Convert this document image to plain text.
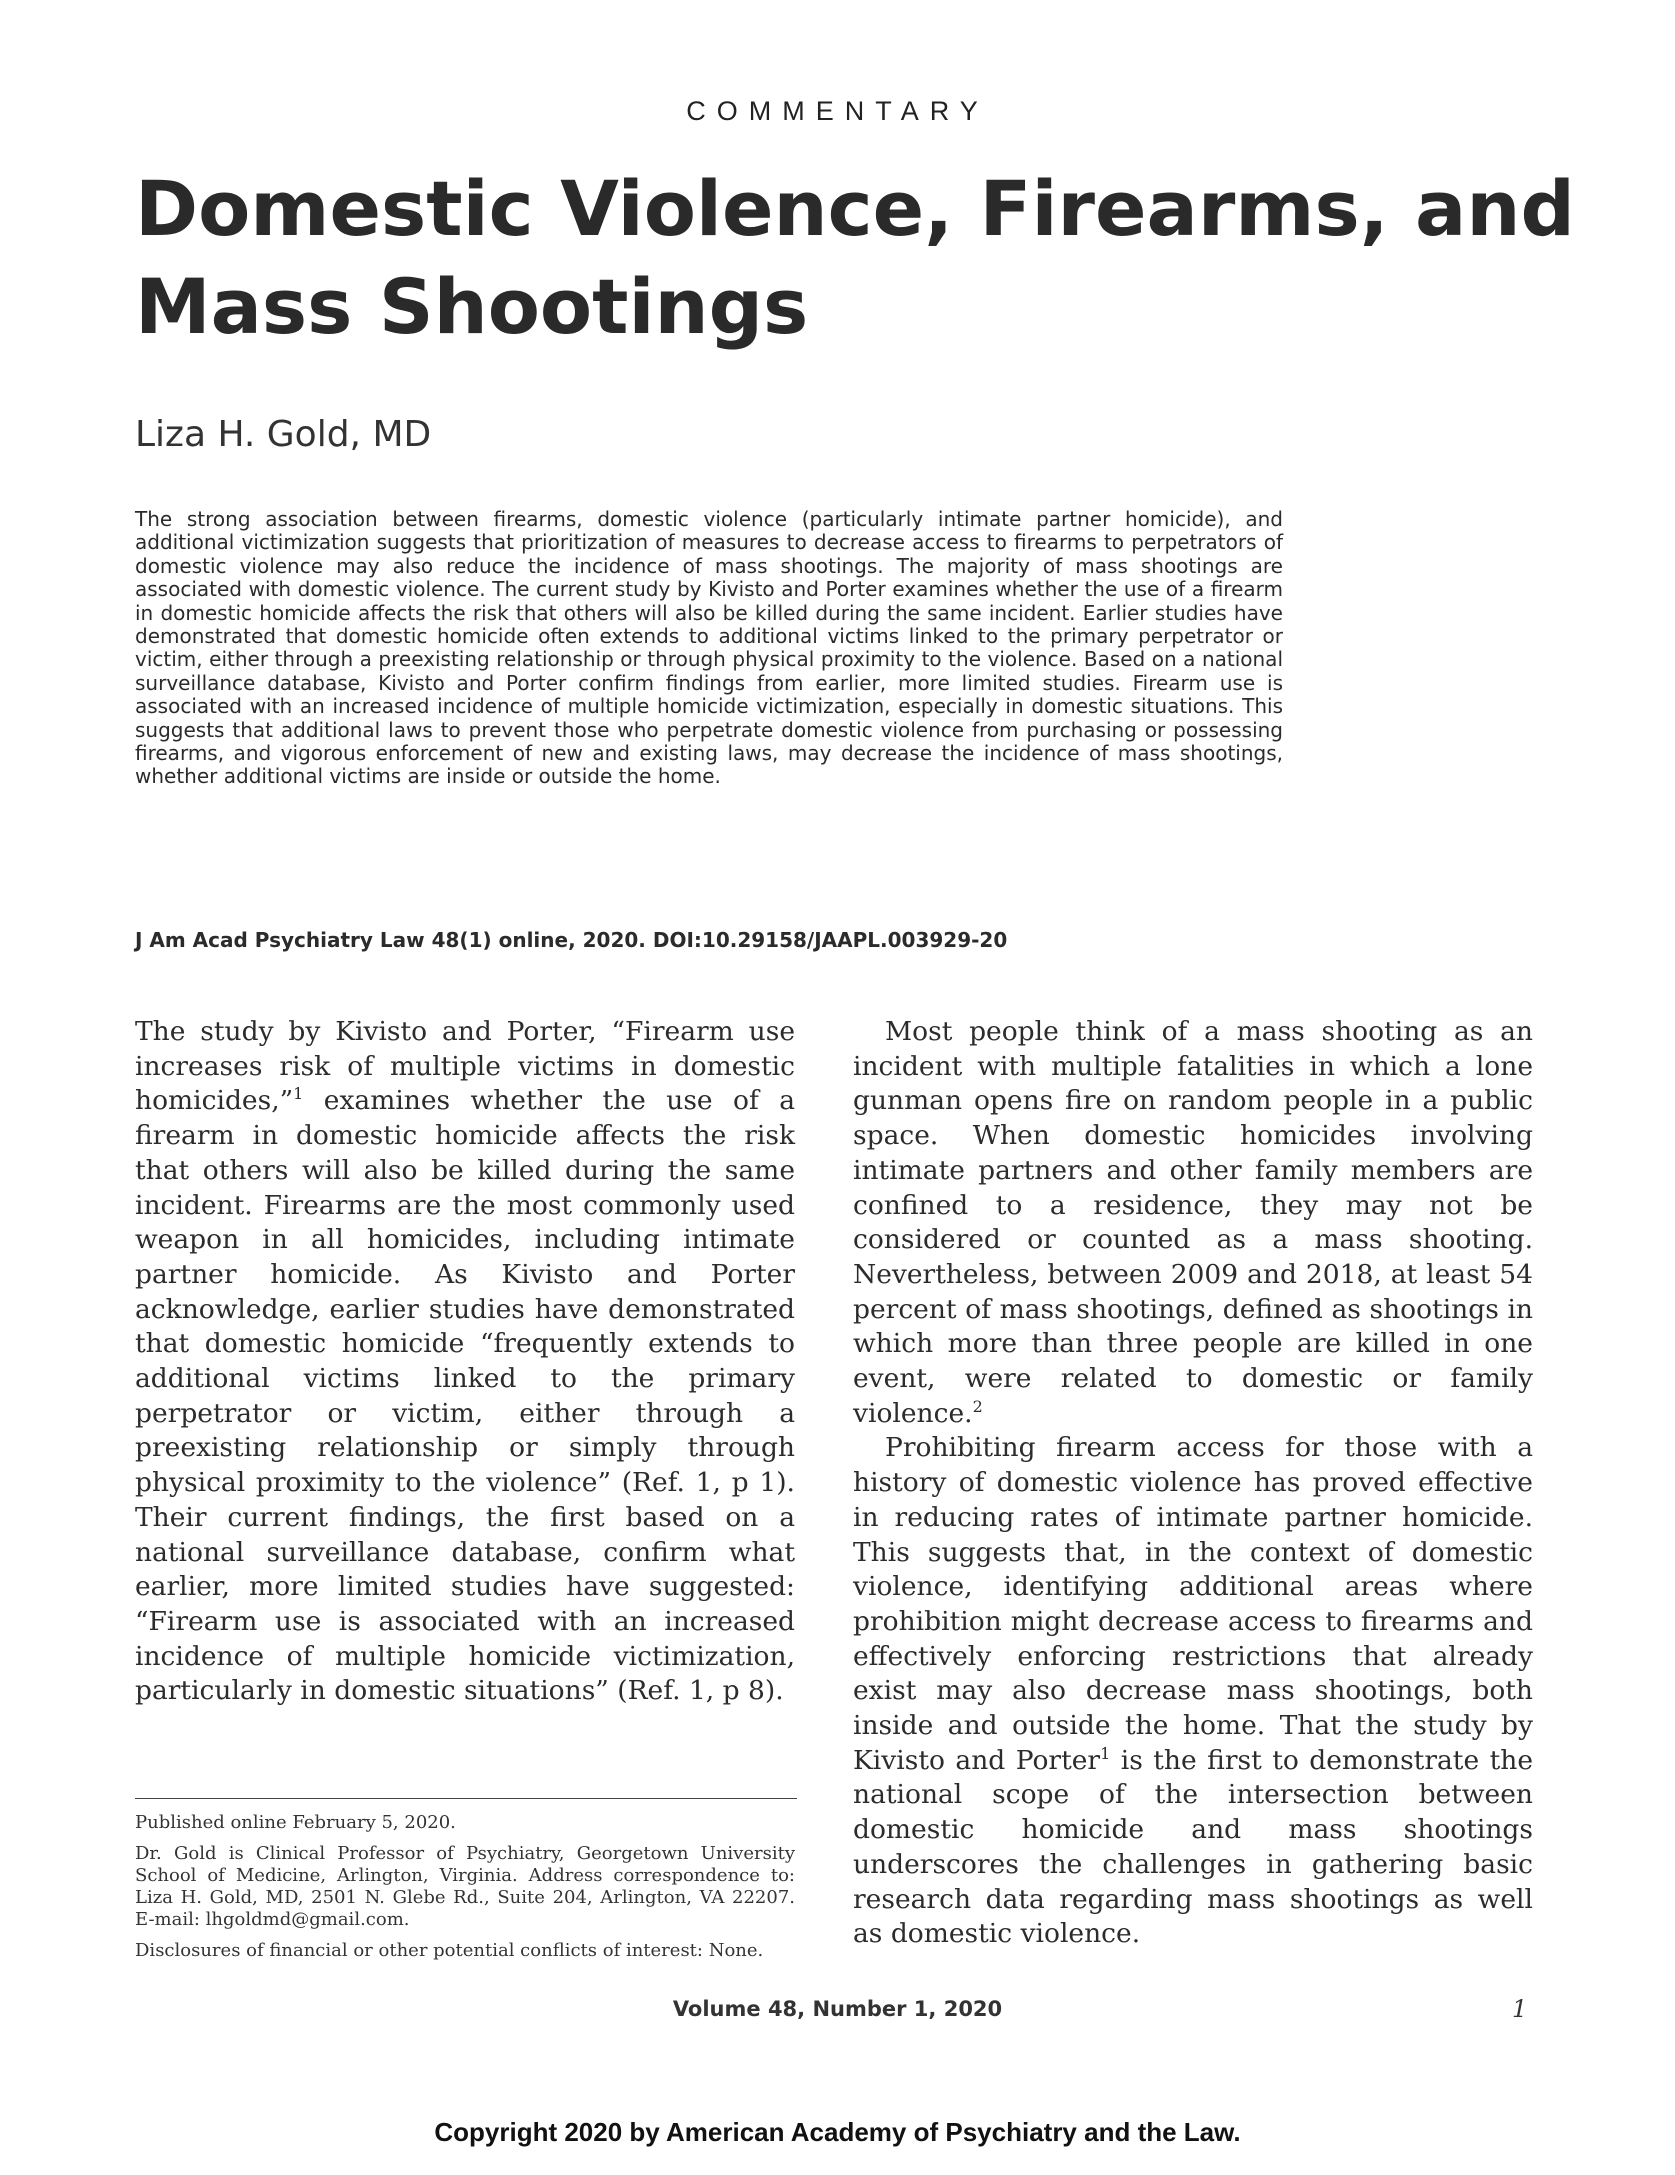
COMMENTARY
Domestic Violence, Firearms, and
Mass Shootings
Liza H. Gold, MD

The strong association between firearms, domestic violence (particularly intimate partner homicide), and additional victimization suggests that prioritization of measures to decrease access to firearms to perpetrators of domestic violence may also reduce the incidence of mass shootings. The majority of mass shootings are associated with domestic violence. The current study by Kivisto and Porter examines whether the use of a firearm in domestic homicide affects the risk that others will also be killed during the same incident. Earlier studies have demonstrated that domestic homicide often extends to additional victims linked to the primary perpetrator or victim, either through a preexisting relationship or through physical proximity to the violence. Based on a national surveillance database, Kivisto and Porter confirm findings from earlier, more limited studies. Firearm use is associated with an increased incidence of multiple homicide victimization, especially in domestic situations. This suggests that additional laws to prevent those who perpetrate domestic violence from purchasing or possessing firearms, and vigorous enforcement of new and existing laws, may decrease the incidence of mass shootings, whether additional victims are inside or outside the home.

J Am Acad Psychiatry Law 48(1) online, 2020. DOI:10.29158/JAAPL.003929-20

The study by Kivisto and Porter, “Firearm use increases risk of multiple victims in domestic homicides,”$^1$ examines whether the use of a firearm in domestic homicide affects the risk that others will also be killed during the same incident. Firearms are the most commonly used weapon in all homicides, including intimate partner homicide. As Kivisto and Porter acknowledge, earlier studies have demonstrated that domestic homicide “frequently extends to additional victims linked to the primary perpetrator or victim, either through a preexisting relationship or simply through physical proximity to the violence” (Ref. 1, p 1). Their current findings, the first based on a national surveillance database, confirm what earlier, more limited studies have suggested: “Firearm use is associated with an increased incidence of multiple homicide victimization, particularly in domestic situations” (Ref. 1, p 8).

Most people think of a mass shooting as an incident with multiple fatalities in which a lone gunman opens fire on random people in a public space. When domestic homicides involving intimate partners and other family members are confined to a residence, they may not be considered or counted as a mass shooting. Nevertheless, between 2009 and 2018, at least 54 percent of mass shootings, defined as shootings in which more than three people are killed in one event, were related to domestic or family violence.$^2$

Prohibiting firearm access for those with a history of domestic violence has proved effective in reducing rates of intimate partner homicide. This suggests that, in the context of domestic violence, identifying additional areas where prohibition might decrease access to firearms and effectively enforcing restrictions that already exist may also decrease mass shootings, both inside and outside the home. That the study by Kivisto and Porter$^1$ is the first to demonstrate the national scope of the intersection between domestic homicide and mass shootings underscores the challenges in gathering basic research data regarding mass shootings as well as domestic violence.

Published online February 5, 2020.

Dr. Gold is Clinical Professor of Psychiatry, Georgetown University School of Medicine, Arlington, Virginia. Address correspondence to: Liza H. Gold, MD, 2501 N. Glebe Rd., Suite 204, Arlington, VA 22207. E-mail: lhgoldmd@gmail.com.

Disclosures of financial or other potential conflicts of interest: None.

Volume 48, Number 1, 2020	1
Copyright 2020 by American Academy of Psychiatry and the Law.
